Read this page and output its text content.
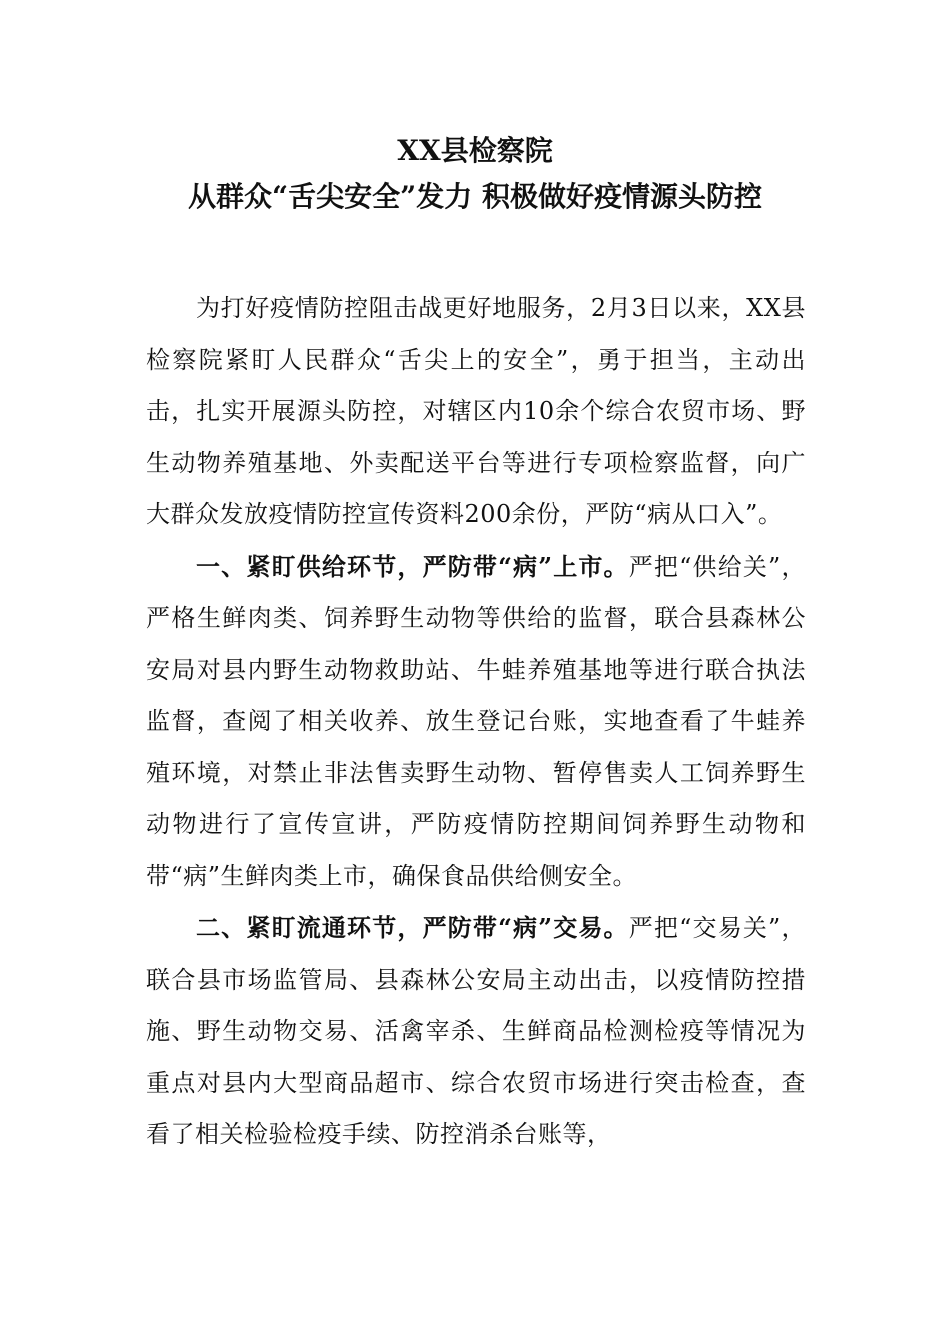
XX县检察院
从群众“舌尖安全”发力 积极做好疫情源头防控

为打好疫情防控阻击战更好地服务，2月3日以来，XX县检察院紧盯人民群众“舌尖上的安全”，勇于担当，主动出击，扎实开展源头防控，对辖区内10余个综合农贸市场、野生动物养殖基地、外卖配送平台等进行专项检察监督，向广大群众发放疫情防控宣传资料200余份，严防“病从口入”。

一、紧盯供给环节，严防带“病”上市。严把“供给关”，严格生鲜肉类、饲养野生动物等供给的监督，联合县森林公安局对县内野生动物救助站、牛蛙养殖基地等进行联合执法监督，查阅了相关收养、放生登记台账，实地查看了牛蛙养殖环境，对禁止非法售卖野生动物、暂停售卖人工饲养野生动物进行了宣传宣讲，严防疫情防控期间饲养野生动物和带“病”生鲜肉类上市，确保食品供给侧安全。

二、紧盯流通环节，严防带“病”交易。严把“交易关”，联合县市场监管局、县森林公安局主动出击，以疫情防控措施、野生动物交易、活禽宰杀、生鲜商品检测检疫等情况为重点对县内大型商品超市、综合农贸市场进行突击检查，查看了相关检验检疫手续、防控消杀台账等，
